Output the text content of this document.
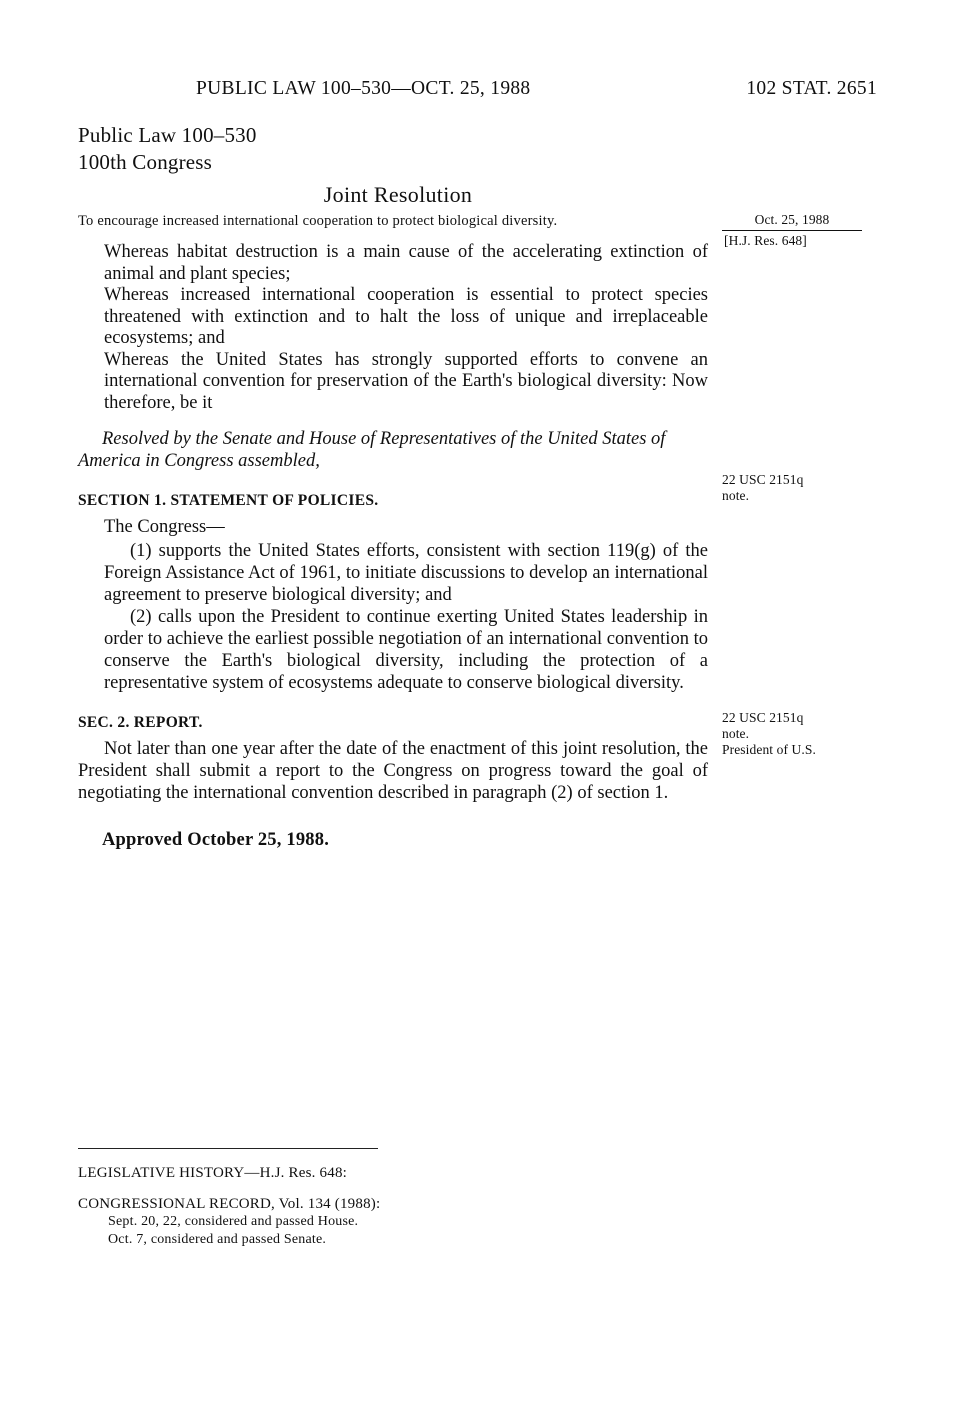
PUBLIC LAW 100–530—OCT. 25, 1988	102 STAT. 2651
Public Law 100–530
100th Congress
Joint Resolution
Oct. 25, 1988
[H.J. Res. 648]
22 USC 2151q
note.
22 USC 2151q
note.
President of U.S.
To encourage increased international cooperation to protect biological diversity.

Whereas habitat destruction is a main cause of the accelerating extinction of animal and plant species;

Whereas increased international cooperation is essential to protect species threatened with extinction and to halt the loss of unique and irreplaceable ecosystems; and

Whereas the United States has strongly supported efforts to convene an international convention for preservation of the Earth's biological diversity: Now therefore, be it

Resolved by the Senate and House of Representatives of the United States of America in Congress assembled,
SECTION 1. STATEMENT OF POLICIES.
The Congress—

(1) supports the United States efforts, consistent with section 119(g) of the Foreign Assistance Act of 1961, to initiate discussions to develop an international agreement to preserve biological diversity; and

(2) calls upon the President to continue exerting United States leadership in order to achieve the earliest possible negotiation of an international convention to conserve the Earth's biological diversity, including the protection of a representative system of ecosystems adequate to conserve biological diversity.

SEC. 2. REPORT.
Not later than one year after the date of the enactment of this joint resolution, the President shall submit a report to the Congress on progress toward the goal of negotiating the international convention described in paragraph (2) of section 1.
Approved October 25, 1988.
LEGISLATIVE HISTORY—H.J. Res. 648:
CONGRESSIONAL RECORD, Vol. 134 (1988):
Sept. 20, 22, considered and passed House.
Oct. 7, considered and passed Senate.
